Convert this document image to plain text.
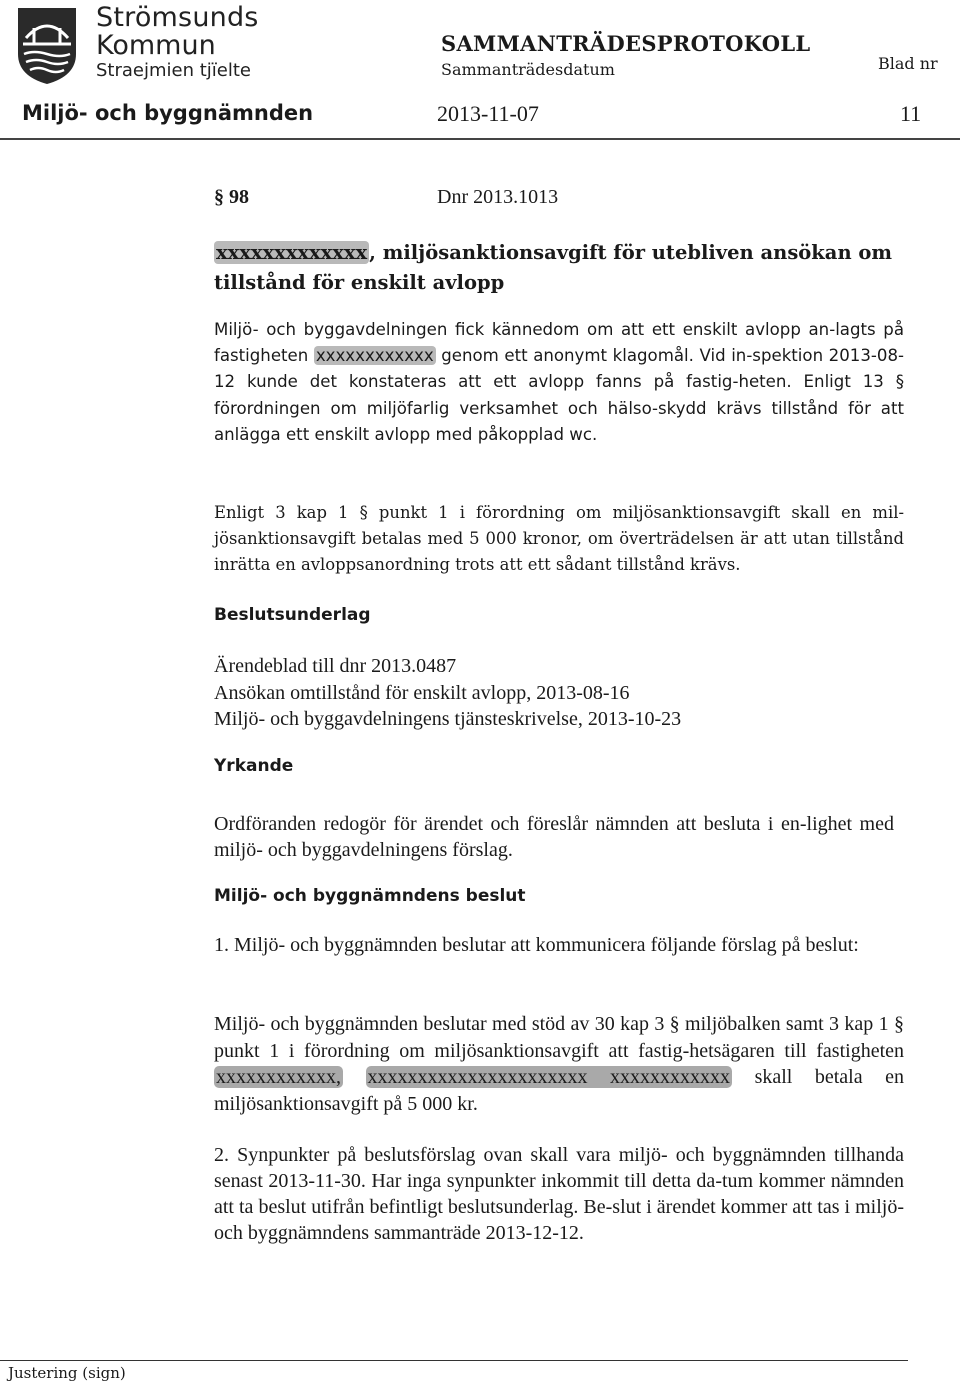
Strömsunds
Kommun
Straejmien tjïelte
SAMMANTRÄDESPROTOKOLL
Sammanträdesdatum	Blad nr
Miljö- och byggnämnden	2013-11-07	11
§ 98	Dnr 2013.1013
xxxxxxxxxxxxx , miljösanktionsavgift för utebliven ansökan om tillstånd för enskilt avlopp
Miljö- och byggavdelningen fick kännedom om att ett enskilt avlopp an-lagts på fastigheten xxxxxxxxxxxx genom ett anonymt klagomål. Vid in-spektion 2013-08-12 kunde det konstateras att ett avlopp fanns på fastig-heten. Enligt 13 § förordningen om miljöfarlig verksamhet och hälso-skydd krävs tillstånd för att anlägga ett enskilt avlopp med påkopplad wc.
Enligt 3 kap 1 § punkt 1 i förordning om miljösanktionsavgift skall en mil-jösanktionsavgift betalas med 5 000 kronor, om överträdelsen är att utan tillstånd inrätta en avloppsanordning trots att ett sådant tillstånd krävs.
Beslutsunderlag
Ärendeblad till dnr 2013.0487
Ansökan omtillstånd för enskilt avlopp, 2013-08-16
Miljö- och byggavdelningens tjänsteskrivelse, 2013-10-23
Yrkande
Ordföranden redogör för ärendet och föreslår nämnden att besluta i en-lighet med miljö- och byggavdelningens förslag.
Miljö- och byggnämndens beslut
1. Miljö- och byggnämnden beslutar att kommunicera följande förslag på beslut:
Miljö- och byggnämnden beslutar med stöd av 30 kap 3 § miljöbalken samt 3 kap 1 § punkt 1 i förordning om miljösanktionsavgift att fastig-hetsägaren till fastigheten xxxxxxxxxxxx, xxxxxxxxxxxxxxxxxxxxxx xxxxxxxxxxxx skall betala en miljösanktionsavgift på 5 000 kr.
2. Synpunkter på beslutsförslag ovan skall vara miljö- och byggnämnden tillhanda senast 2013-11-30. Har inga synpunkter inkommit till detta da-tum kommer nämnden att ta beslut utifrån befintligt beslutsunderlag. Be-slut i ärendet kommer att tas i miljö- och byggnämndens sammanträde 2013-12-12.
Justering (sign)
